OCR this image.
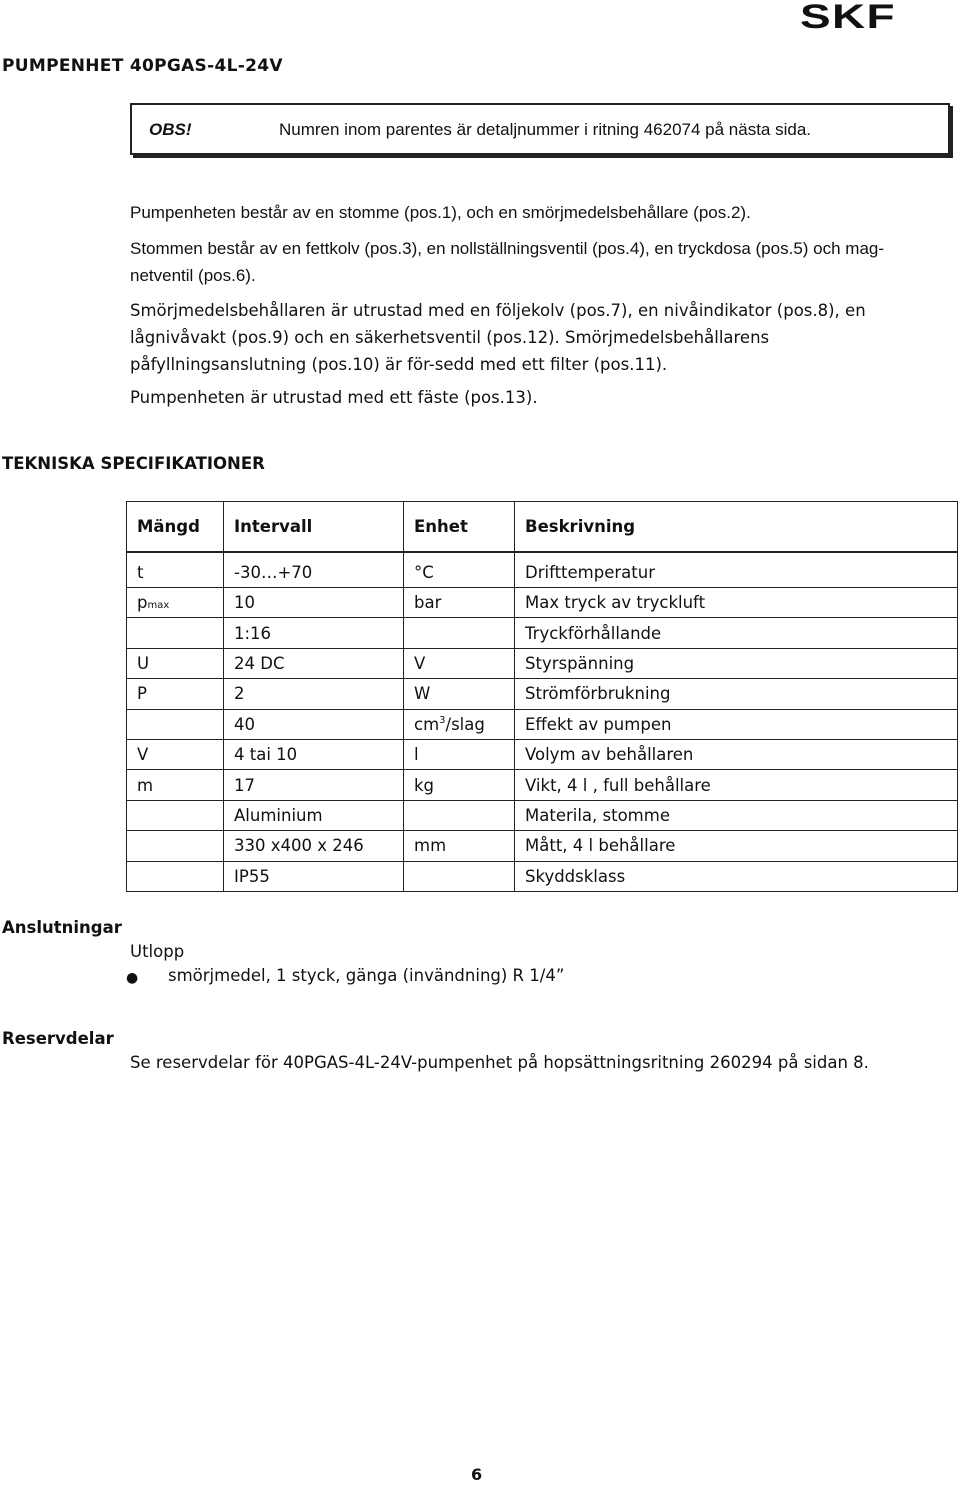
SKF
PUMPENHET 40PGAS-4L-24V
OBS!	Numren inom parentes är detaljnummer i ritning 462074 på nästa sida.
Pumpenheten består av en stomme (pos.1), och en smörjmedelsbehållare (pos.2).
Stommen består av en fettkolv (pos.3), en nollställningsventil (pos.4), en tryckdosa (pos.5) och mag-netventil (pos.6).
Smörjmedelsbehållaren är utrustad med en följekolv (pos.7), en nivåindikator (pos.8), en lågnivåvakt (pos.9) och en säkerhetsventil (pos.12). Smörjmedelsbehållarens påfyllningsanslutning (pos.10) är för-sedd med ett filter (pos.11).
Pumpenheten är utrustad med ett fäste (pos.13).
TEKNISKA SPECIFIKATIONER
Mängd	Intervall	Enhet	Beskrivning
t	-30…+70	°C	Drifttemperatur
pmax	10	bar	Max tryck av tryckluft
	1:16		Tryckförhållande
U	24 DC	V	Styrspänning
P	2	W	Strömförbrukning
	40	$cm^3$/slag	Effekt av pumpen
V	4 tai 10	l	Volym av behållaren
m	17	kg	Vikt, 4 l , full behållare
	Aluminium		Materila, stomme
	330 x400 x 246	mm	Mått, 4 l behållare
	IP55		Skyddsklass
Anslutningar
Utlopp
● smörjmedel, 1 styck, gänga (invändning) R 1/4”
Reservdelar
Se reservdelar för 40PGAS-4L-24V-pumpenhet på hopsättningsritning 260294 på sidan 8.
6
